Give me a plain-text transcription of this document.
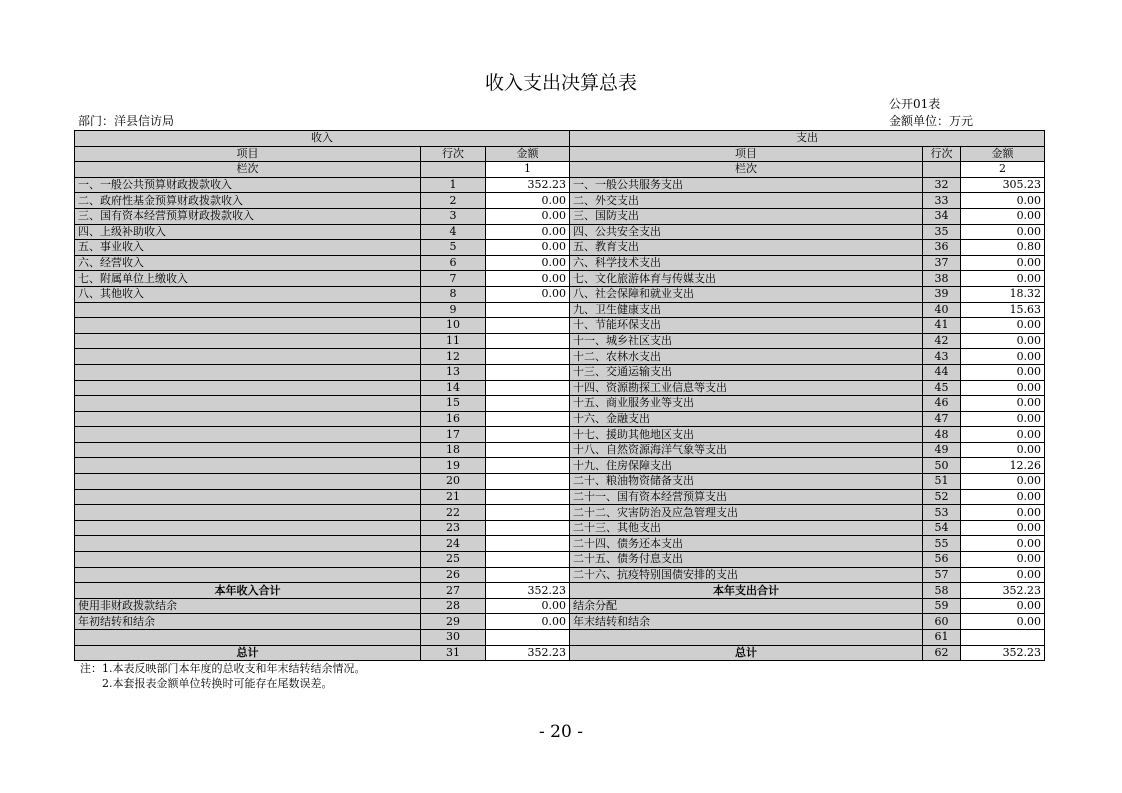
收入支出决算总表
公开01表
部门：洋县信访局	金额单位：万元
收入			支出		
项目	行次	金额	项目	行次	金额
栏次		1	栏次		2
一、一般公共预算财政拨款收入	1	352.23	一、一般公共服务支出	32	305.23
二、政府性基金预算财政拨款收入	2	0.00	二、外交支出	33	0.00
三、国有资本经营预算财政拨款收入	3	0.00	三、国防支出	34	0.00
四、上级补助收入	4	0.00	四、公共安全支出	35	0.00
五、事业收入	5	0.00	五、教育支出	36	0.80
六、经营收入	6	0.00	六、科学技术支出	37	0.00
七、附属单位上缴收入	7	0.00	七、文化旅游体育与传媒支出	38	0.00
八、其他收入	8	0.00	八、社会保障和就业支出	39	18.32
	9		九、卫生健康支出	40	15.63
	10		十、节能环保支出	41	0.00
	11		十一、城乡社区支出	42	0.00
	12		十二、农林水支出	43	0.00
	13		十三、交通运输支出	44	0.00
	14		十四、资源勘探工业信息等支出	45	0.00
	15		十五、商业服务业等支出	46	0.00
	16		十六、金融支出	47	0.00
	17		十七、援助其他地区支出	48	0.00
	18		十八、自然资源海洋气象等支出	49	0.00
	19		十九、住房保障支出	50	12.26
	20		二十、粮油物资储备支出	51	0.00
	21		二十一、国有资本经营预算支出	52	0.00
	22		二十二、灾害防治及应急管理支出	53	0.00
	23		二十三、其他支出	54	0.00
	24		二十四、债务还本支出	55	0.00
	25		二十五、债务付息支出	56	0.00
	26		二十六、抗疫特别国债安排的支出	57	0.00
本年收入合计	27	352.23	本年支出合计	58	352.23
使用非财政拨款结余	28	0.00	结余分配	59	0.00
年初结转和结余	29	0.00	年末结转和结余	60	0.00
	30			61	
总计	31	352.23	总计	62	352.23
注：1.本表反映部门本年度的总收支和年末结转结余情况。
　　2.本套报表金额单位转换时可能存在尾数误差。
- 20 -
